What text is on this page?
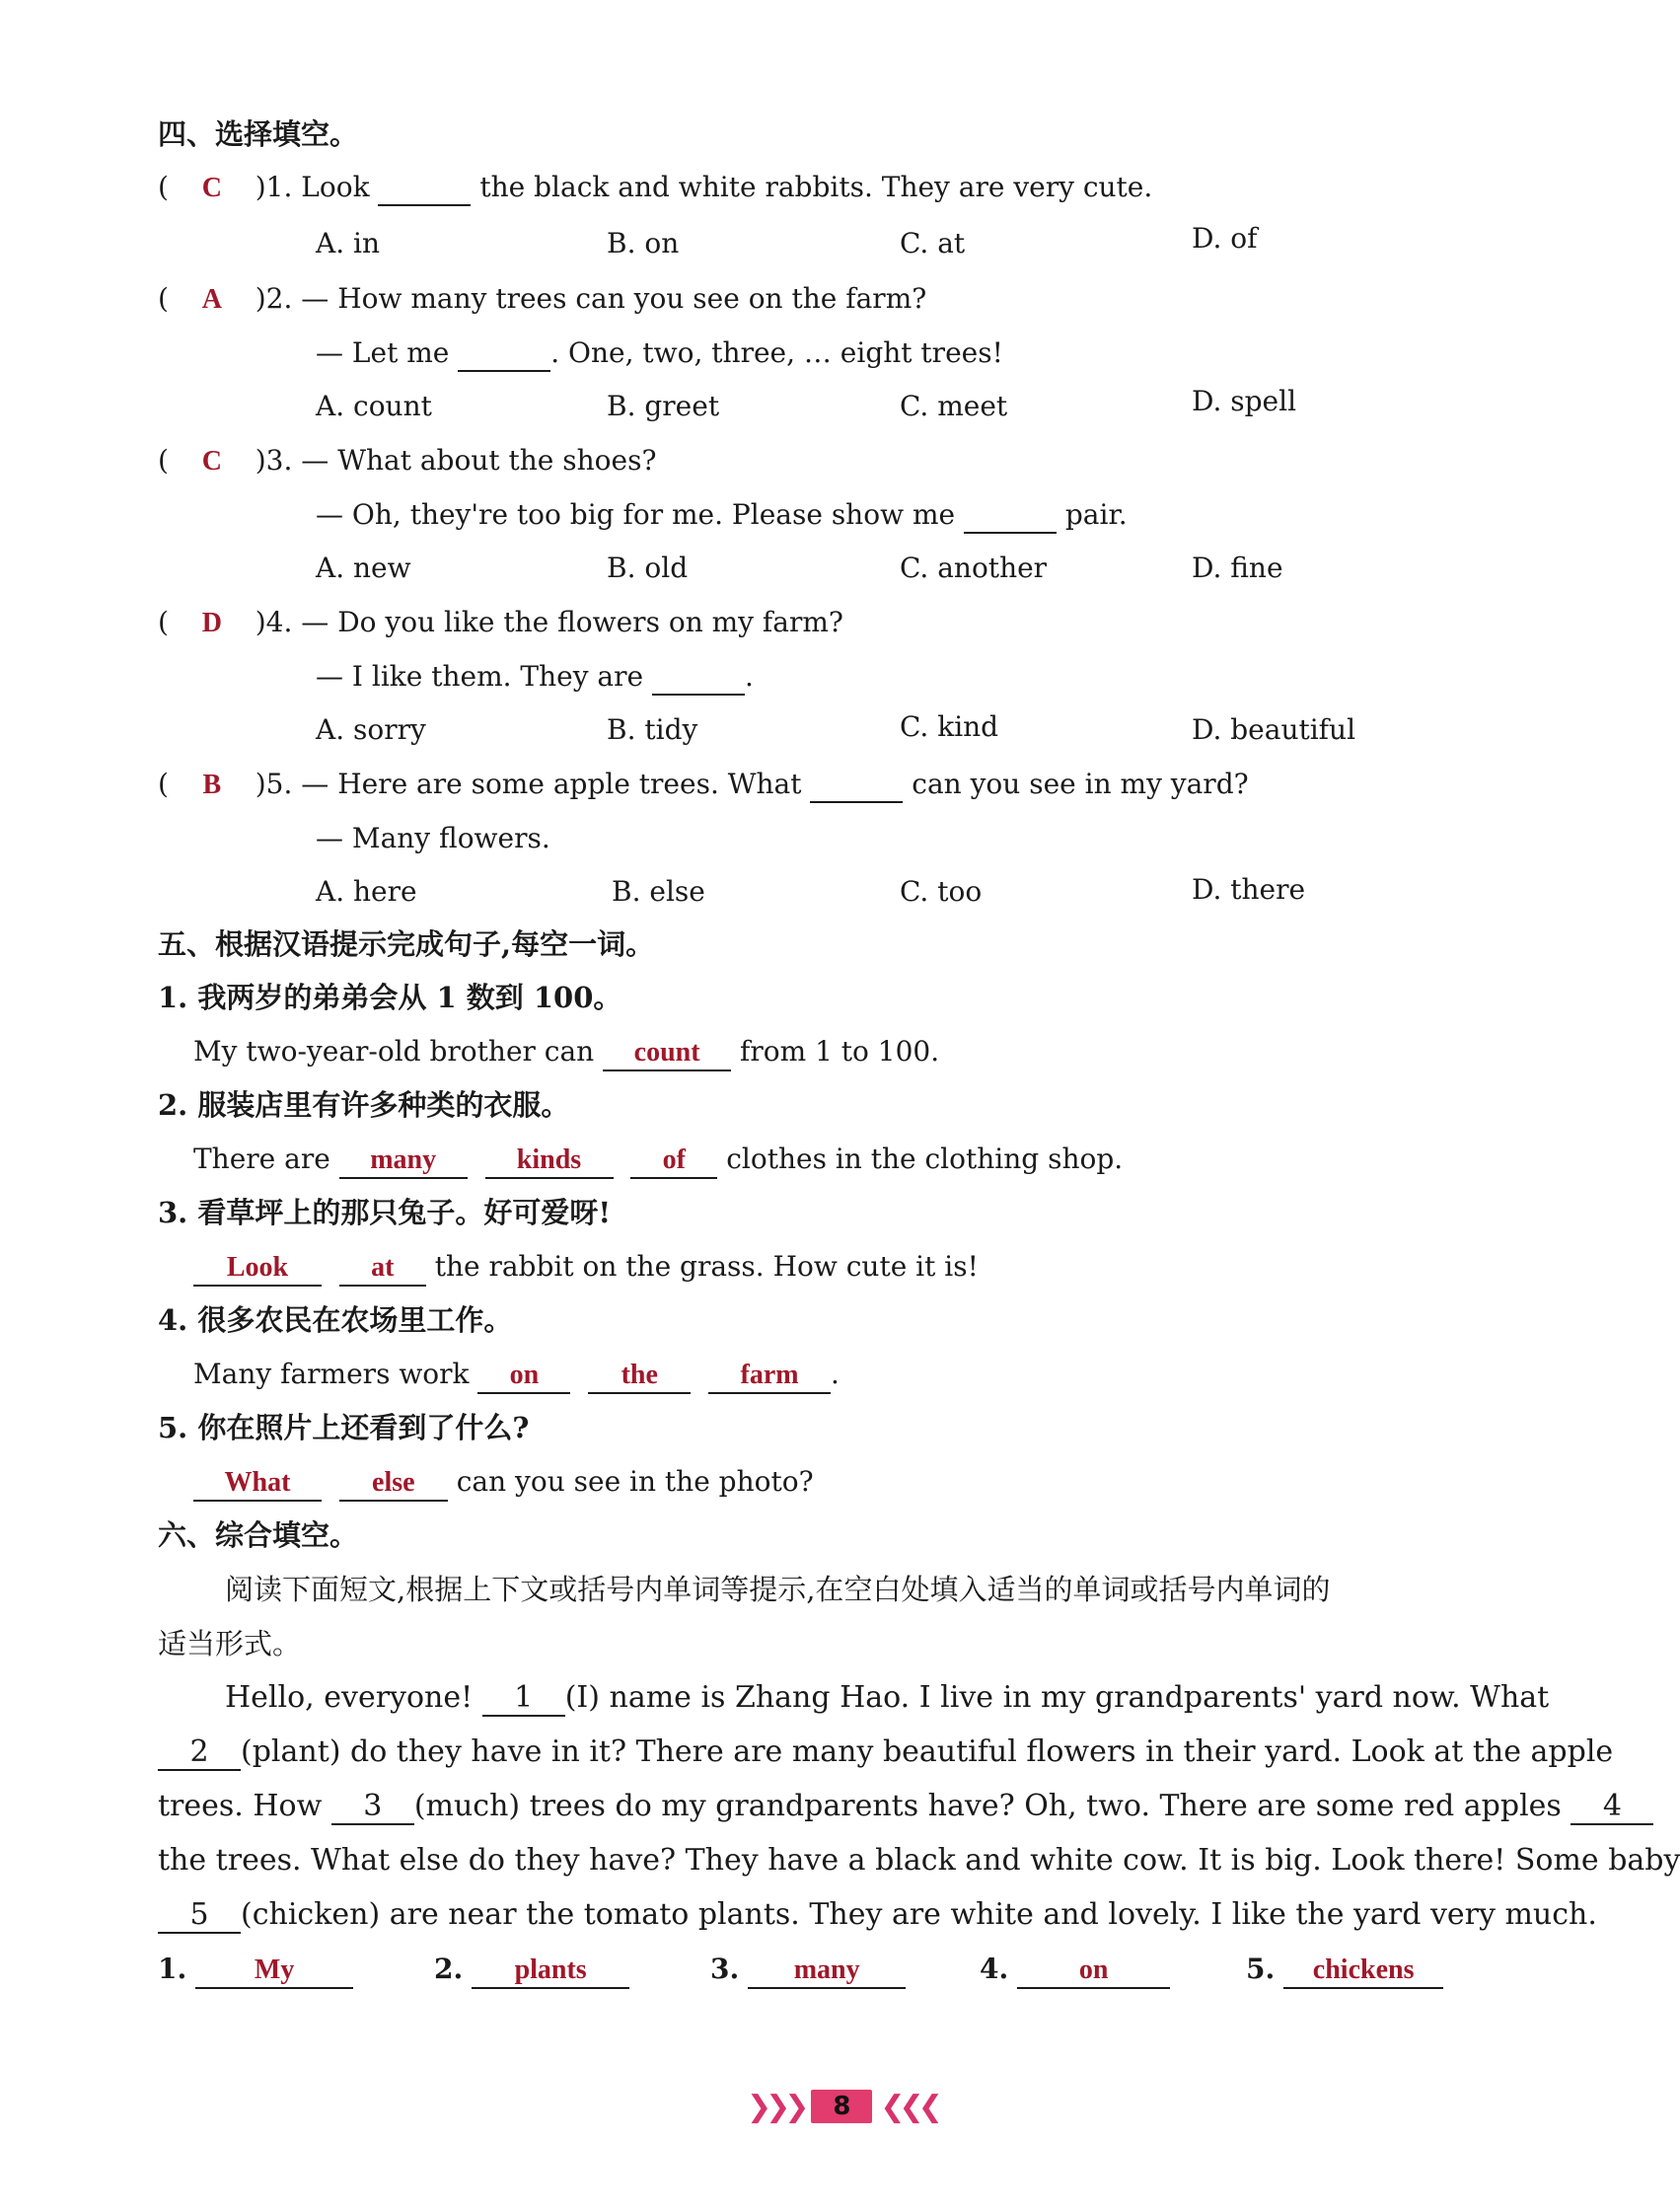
四、选择填空。
( C )1. Look	the black and white rabbits. They are very cute.
A. in	B. on	C. at	D. of
( A )2. — How many trees can you see on the farm?
— Let me	. One, two, three, … eight trees!
A. count	B. greet	C. meet	D. spell
( C )3. — What about the shoes?
— Oh, they're too big for me. Please show me	pair.
A. new	B. old	C. another	D. fine
( D )4. — Do you like the flowers on my farm?
— I like them. They are	.
A. sorry	B. tidy	C. kind	D. beautiful
( B )5. — Here are some apple trees. What	can you see in my yard?
— Many flowers.
A. here	B. else	C. too	D. there
五、根据汉语提示完成句子,每空一词。
1. 我两岁的弟弟会从 1 数到 100。
My two-year-old brother can count from 1 to 100.
2. 服装店里有许多种类的衣服。
There are many	kinds	of clothes in the clothing shop.
3. 看草坪上的那只兔子。好可爱呀!
Look	at the rabbit on the grass. How cute it is!
4. 很多农民在农场里工作。
Many farmers work on	the	farm .
5. 你在照片上还看到了什么?
What	else can you see in the photo?
六、综合填空。
阅读下面短文,根据上下文或括号内单词等提示,在空白处填入适当的单词或括号内单词的
适当形式。
Hello, everyone! 1 (I) name is Zhang Hao. I live in my grandparents' yard now. What
2 (plant) do they have in it? There are many beautiful flowers in their yard. Look at the apple
trees. How 3 (much) trees do my grandparents have? Oh, two. There are some red apples 4
the trees. What else do they have? They have a black and white cow. It is big. Look there! Some baby
5 (chicken) are near the tomato plants. They are white and lovely. I like the yard very much.
1. My	2. plants	3. many	4.	on	5. chickens
❯❯❯	8 ❮❮❮
